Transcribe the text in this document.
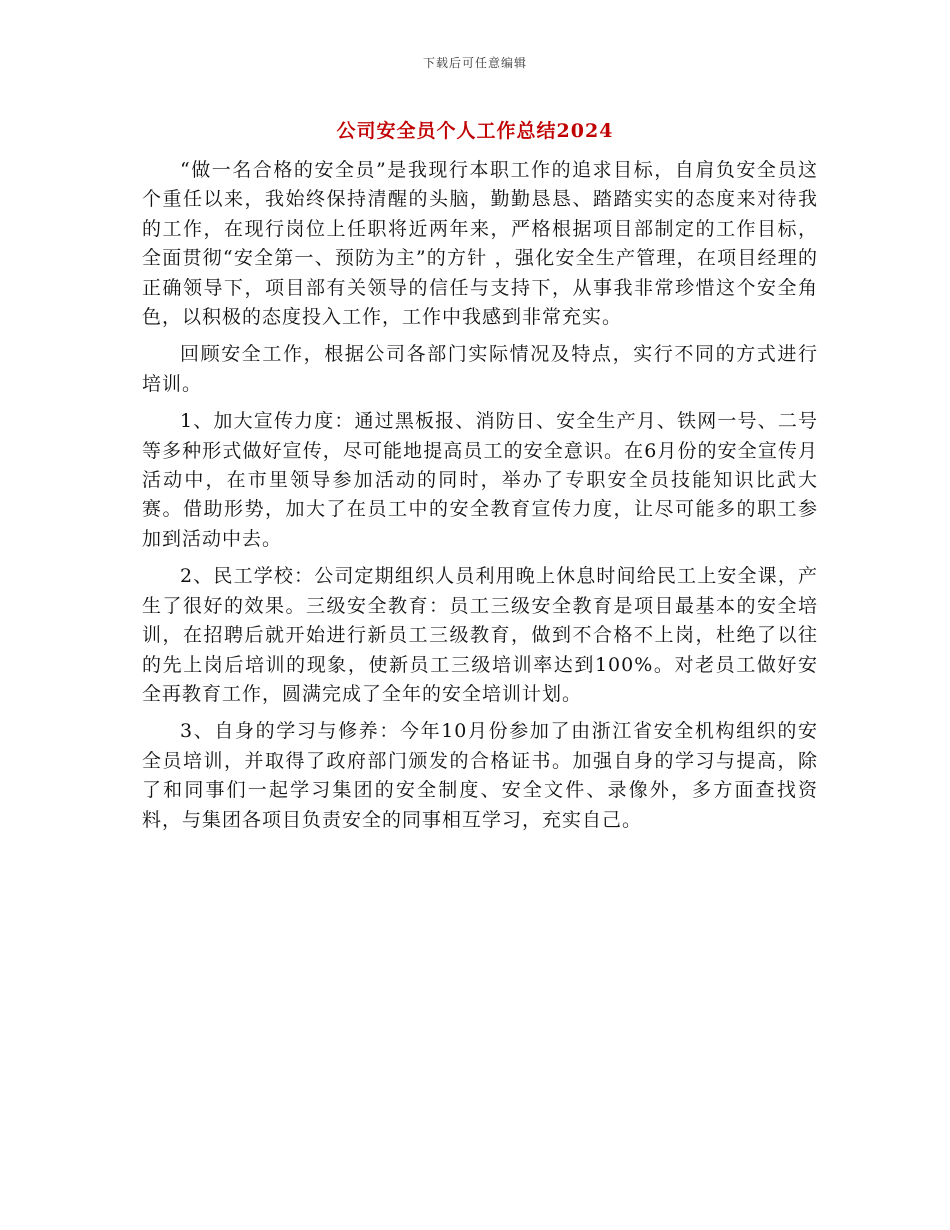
下载后可任意编辑
公司安全员个人工作总结2024

“做一名合格的安全员”是我现行本职工作的追求目标，自肩负安全员这个重任以来，我始终保持清醒的头脑，勤勤恳恳、踏踏实实的态度来对待我的工作，在现行岗位上任职将近两年来，严格根据项目部制定的工作目标，全面贯彻“安全第一、预防为主”的方针 ，强化安全生产管理，在项目经理的正确领导下，项目部有关领导的信任与支持下，从事我非常珍惜这个安全角色，以积极的态度投入工作，工作中我感到非常充实。

回顾安全工作，根据公司各部门实际情况及特点，实行不同的方式进行培训。

1、加大宣传力度：通过黑板报、消防日、安全生产月、铁网一号、二号等多种形式做好宣传，尽可能地提高员工的安全意识。在6月份的安全宣传月活动中，在市里领导参加活动的同时，举办了专职安全员技能知识比武大赛。借助形势，加大了在员工中的安全教育宣传力度，让尽可能多的职工参加到活动中去。

2、民工学校：公司定期组织人员利用晚上休息时间给民工上安全课，产生了很好的效果。三级安全教育：员工三级安全教育是项目最基本的安全培训，在招聘后就开始进行新员工三级教育，做到不合格不上岗，杜绝了以往的先上岗后培训的现象，使新员工三级培训率达到100%。对老员工做好安全再教育工作，圆满完成了全年的安全培训计划。

3、自身的学习与修养：今年10月份参加了由浙江省安全机构组织的安全员培训，并取得了政府部门颁发的合格证书。加强自身的学习与提高，除了和同事们一起学习集团的安全制度、安全文件、录像外，多方面查找资料，与集团各项目负责安全的同事相互学习，充实自己。
